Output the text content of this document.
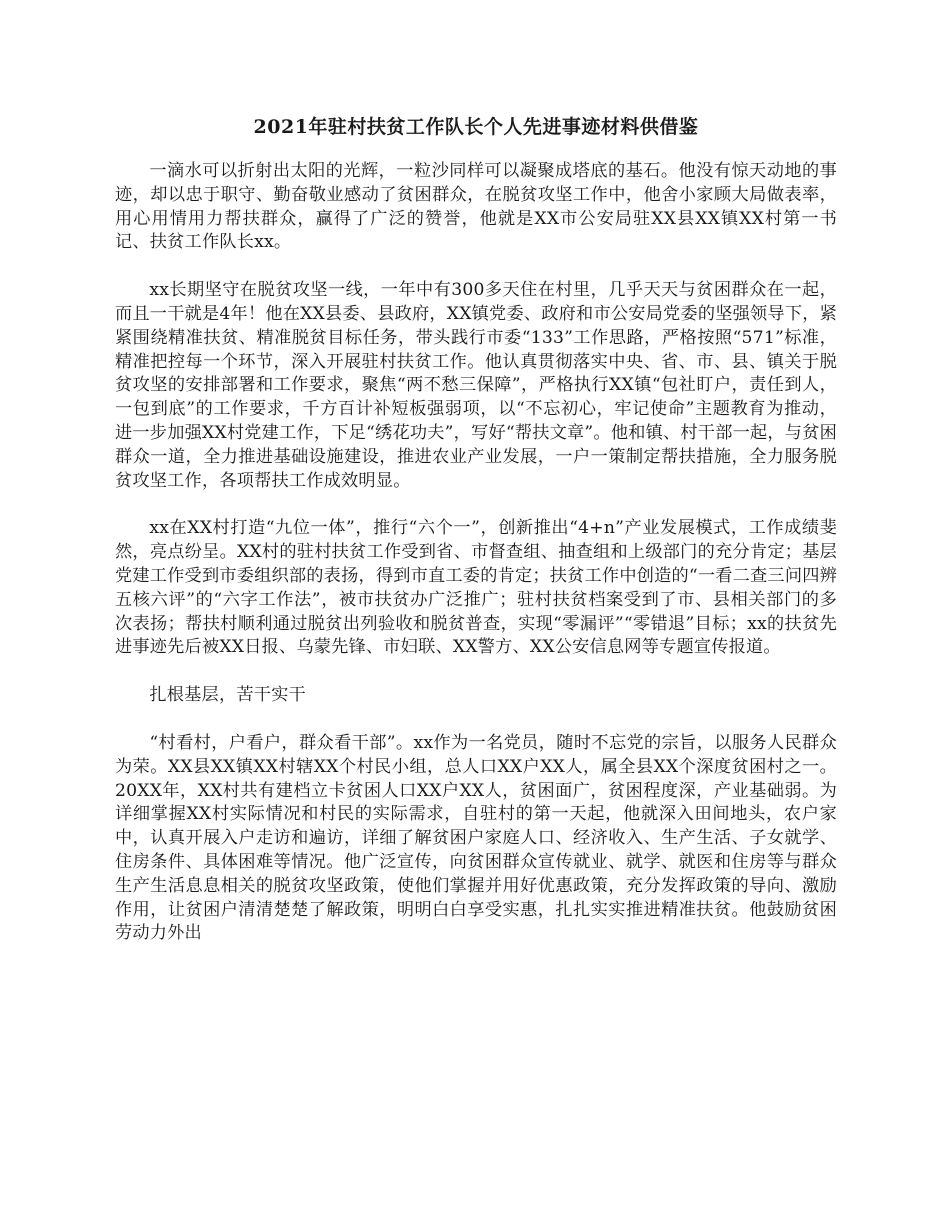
2021年驻村扶贫工作队长个人先进事迹材料供借鉴

一滴水可以折射出太阳的光辉，一粒沙同样可以凝聚成塔底的基石。他没有惊天动地的事迹，却以忠于职守、勤奋敬业感动了贫困群众，在脱贫攻坚工作中，他舍小家顾大局做表率，用心用情用力帮扶群众，赢得了广泛的赞誉，他就是XX市公安局驻XX县XX镇XX村第一书记、扶贫工作队长xx。

xx长期坚守在脱贫攻坚一线，一年中有300多天住在村里，几乎天天与贫困群众在一起，而且一干就是4年！他在XX县委、县政府，XX镇党委、政府和市公安局党委的坚强领导下，紧紧围绕精准扶贫、精准脱贫目标任务，带头践行市委“133”工作思路，严格按照“571”标准，精准把控每一个环节，深入开展驻村扶贫工作。他认真贯彻落实中央、省、市、县、镇关于脱贫攻坚的安排部署和工作要求，聚焦“两不愁三保障”，严格执行XX镇“包社盯户，责任到人，一包到底”的工作要求，千方百计补短板强弱项，以“不忘初心，牢记使命”主题教育为推动，进一步加强XX村党建工作，下足“绣花功夫”，写好“帮扶文章”。他和镇、村干部一起，与贫困群众一道，全力推进基础设施建设，推进农业产业发展，一户一策制定帮扶措施，全力服务脱贫攻坚工作，各项帮扶工作成效明显。

xx在XX村打造“九位一体”，推行“六个一”，创新推出“4+n”产业发展模式，工作成绩斐然，亮点纷呈。XX村的驻村扶贫工作受到省、市督查组、抽查组和上级部门的充分肯定；基层党建工作受到市委组织部的表扬，得到市直工委的肯定；扶贫工作中创造的“一看二查三问四辨五核六评”的“六字工作法”，被市扶贫办广泛推广；驻村扶贫档案受到了市、县相关部门的多次表扬；帮扶村顺利通过脱贫出列验收和脱贫普查，实现“零漏评”“零错退”目标；xx的扶贫先进事迹先后被XX日报、乌蒙先锋、市妇联、XX警方、XX公安信息网等专题宣传报道。

扎根基层，苦干实干

“村看村，户看户，群众看干部”。xx作为一名党员，随时不忘党的宗旨，以服务人民群众为荣。XX县XX镇XX村辖XX个村民小组，总人口XX户XX人，属全县XX个深度贫困村之一。20XX年，XX村共有建档立卡贫困人口XX户XX人，贫困面广，贫困程度深，产业基础弱。为详细掌握XX村实际情况和村民的实际需求，自驻村的第一天起，他就深入田间地头，农户家中，认真开展入户走访和遍访，详细了解贫困户家庭人口、经济收入、生产生活、子女就学、住房条件、具体困难等情况。他广泛宣传，向贫困群众宣传就业、就学、就医和住房等与群众生产生活息息相关的脱贫攻坚政策，使他们掌握并用好优惠政策，充分发挥政策的导向、激励作用，让贫困户清清楚楚了解政策，明明白白享受实惠，扎扎实实推进精准扶贫。他鼓励贫困劳动力外出
